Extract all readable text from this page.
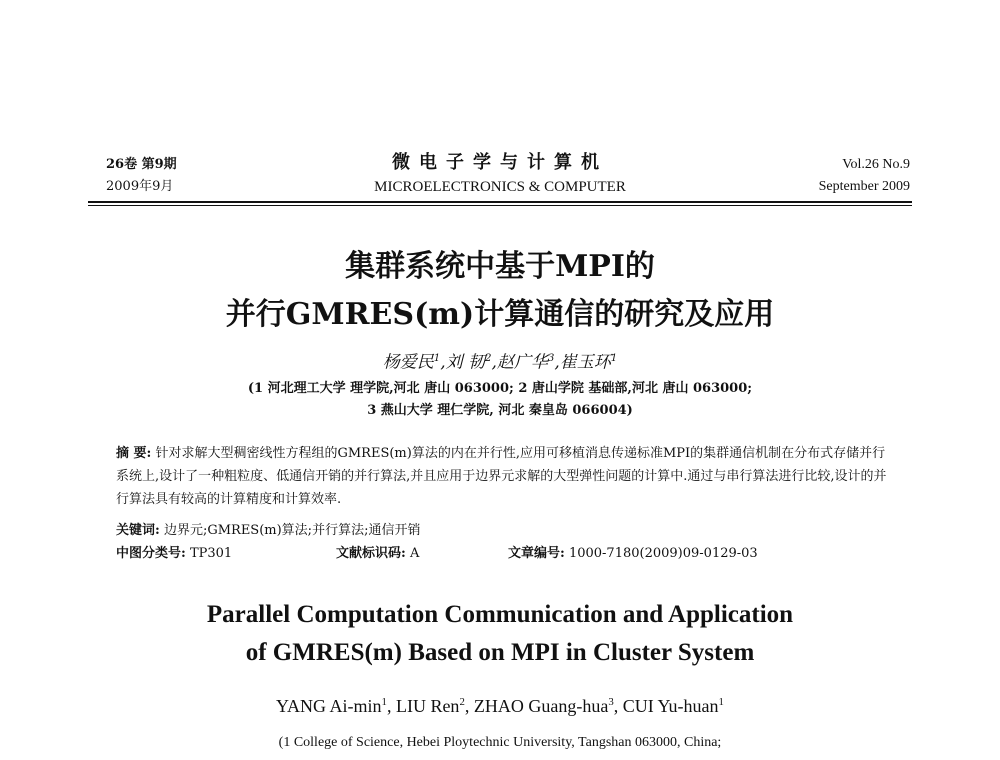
26卷 第9期
2009年9月
微电子学与计算机
MICROELECTRONICS & COMPUTER
Vol.26 No.9
September 2009
集群系统中基于MPI的
并行GMRES(m)计算通信的研究及应用
杨爱民$^1$,刘 韧$^2$,赵广华$^3$,崔玉环$^1$
(1 河北理工大学 理学院,河北 唐山 063000; 2 唐山学院 基础部,河北 唐山 063000;
3 燕山大学 理仁学院, 河北 秦皇岛 066004)
摘 要: 针对求解大型稠密线性方程组的GMRES(m)算法的内在并行性,应用可移植消息传递标准MPI的集群通信机制在分布式存储并行系统上,设计了一种粗粒度、低通信开销的并行算法,并且应用于边界元求解的大型弹性问题的计算中.通过与串行算法进行比较,设计的并行算法具有较高的计算精度和计算效率.
关键词: 边界元;GMRES(m)算法;并行算法;通信开销
中图分类号: TP301	文献标识码: A	文章编号: 1000-7180(2009)09-0129-03
Parallel Computation Communication and Application
of GMRES(m) Based on MPI in Cluster System
YANG $Ai-\min^1$, LIU Ren$^2$, ZHAO Guang-hua$^3$, CUI Yu-huan$^1$
(1 College of Science, Hebei Ploytechnic University, Tangshan 063000, China;
